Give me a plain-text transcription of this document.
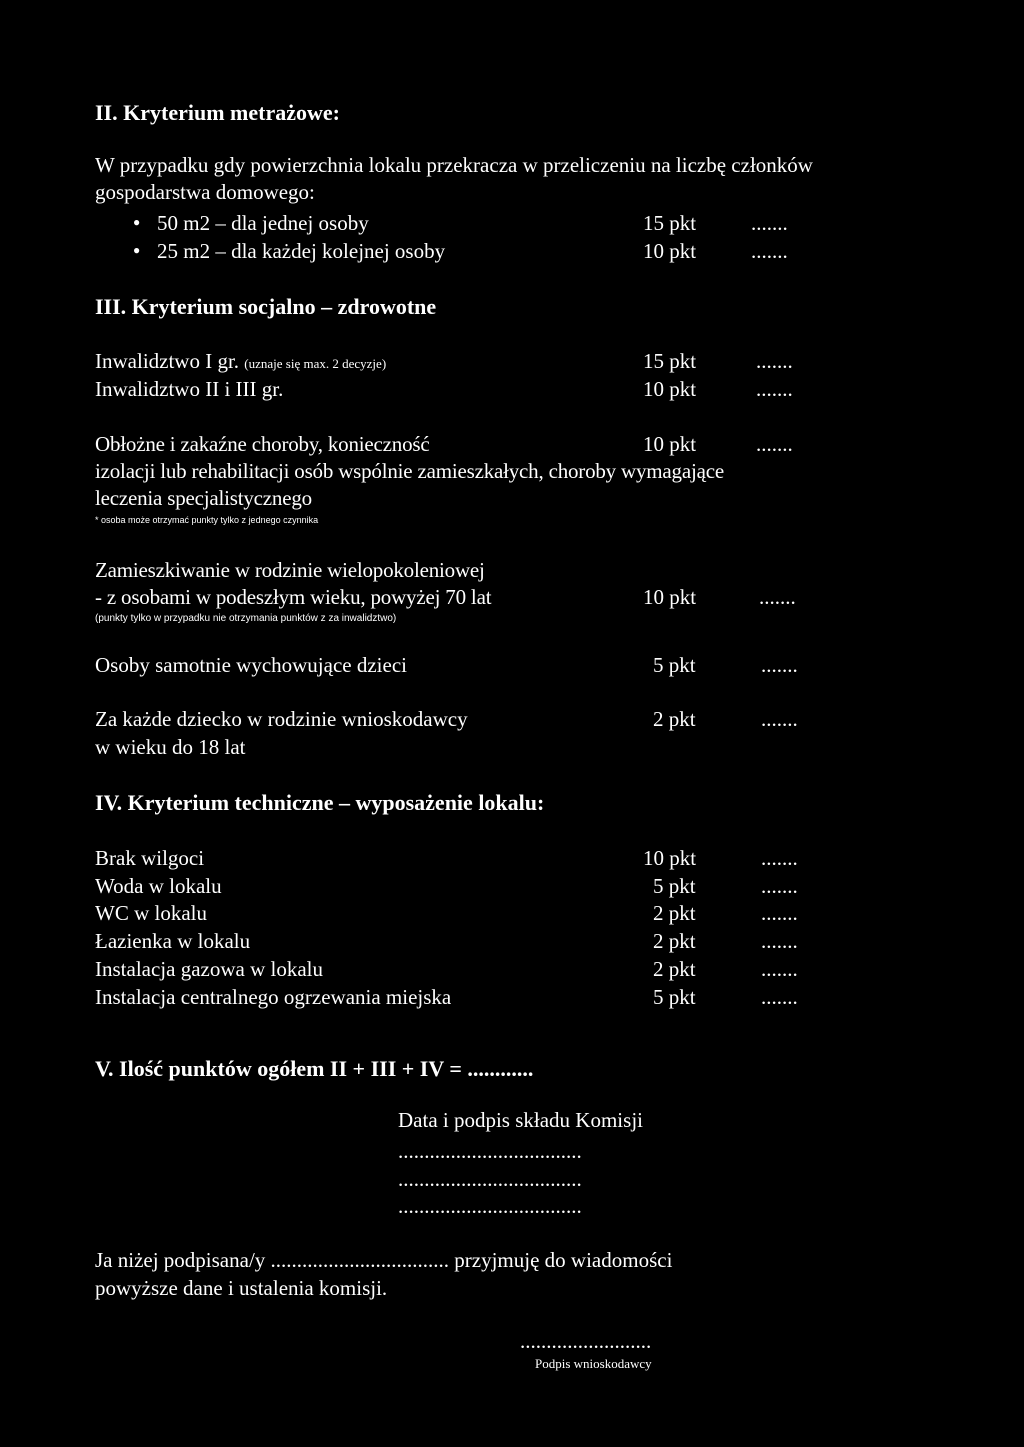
II. Kryterium metrażowe:
W przypadku gdy powierzchnia lokalu przekracza w przeliczeniu na liczbę członków
gospodarstwa domowego:
● 50 m2 – dla jednej osoby	15 pkt	.......
● 25 m2 – dla każdej kolejnej osoby	10 pkt	.......
III. Kryterium socjalno – zdrowotne
Inwalidztwo I gr. (uznaje się max. 2 decyzje)	15 pkt	.......
Inwalidztwo II i III gr.	10 pkt	.......
Obłożne i zakaźne choroby, konieczność	10 pkt	.......
izolacji lub rehabilitacji osób wspólnie zamieszkałych, choroby wymagające
leczenia specjalistycznego
* osoba może otrzymać punkty tylko z jednego czynnika
Zamieszkiwanie w rodzinie wielopokoleniowej
- z osobami w podeszłym wieku, powyżej 70 lat	10 pkt	.......
(punkty tylko w przypadku nie otrzymania punktów z za inwalidztwo)
Osoby samotnie wychowujące dzieci	5 pkt	.......
Za każde dziecko w rodzinie wnioskodawcy	2 pkt	.......
w wieku do 18 lat
IV. Kryterium techniczne – wyposażenie lokalu:
Brak wilgoci	10 pkt	.......
Woda w lokalu	5 pkt	.......
WC w lokalu	2 pkt	.......
Łazienka w lokalu	2 pkt	.......
Instalacja gazowa w lokalu	2 pkt	.......
Instalacja centralnego ogrzewania miejska	5 pkt	.......
V. Ilość punktów ogółem II + III + IV = ............
Data i podpis składu Komisji
...................................
...................................
...................................
Ja niżej podpisana/y .................................. przyjmuję do wiadomości
powyższe dane i ustalenia komisji.
.........................
Podpis wnioskodawcy
